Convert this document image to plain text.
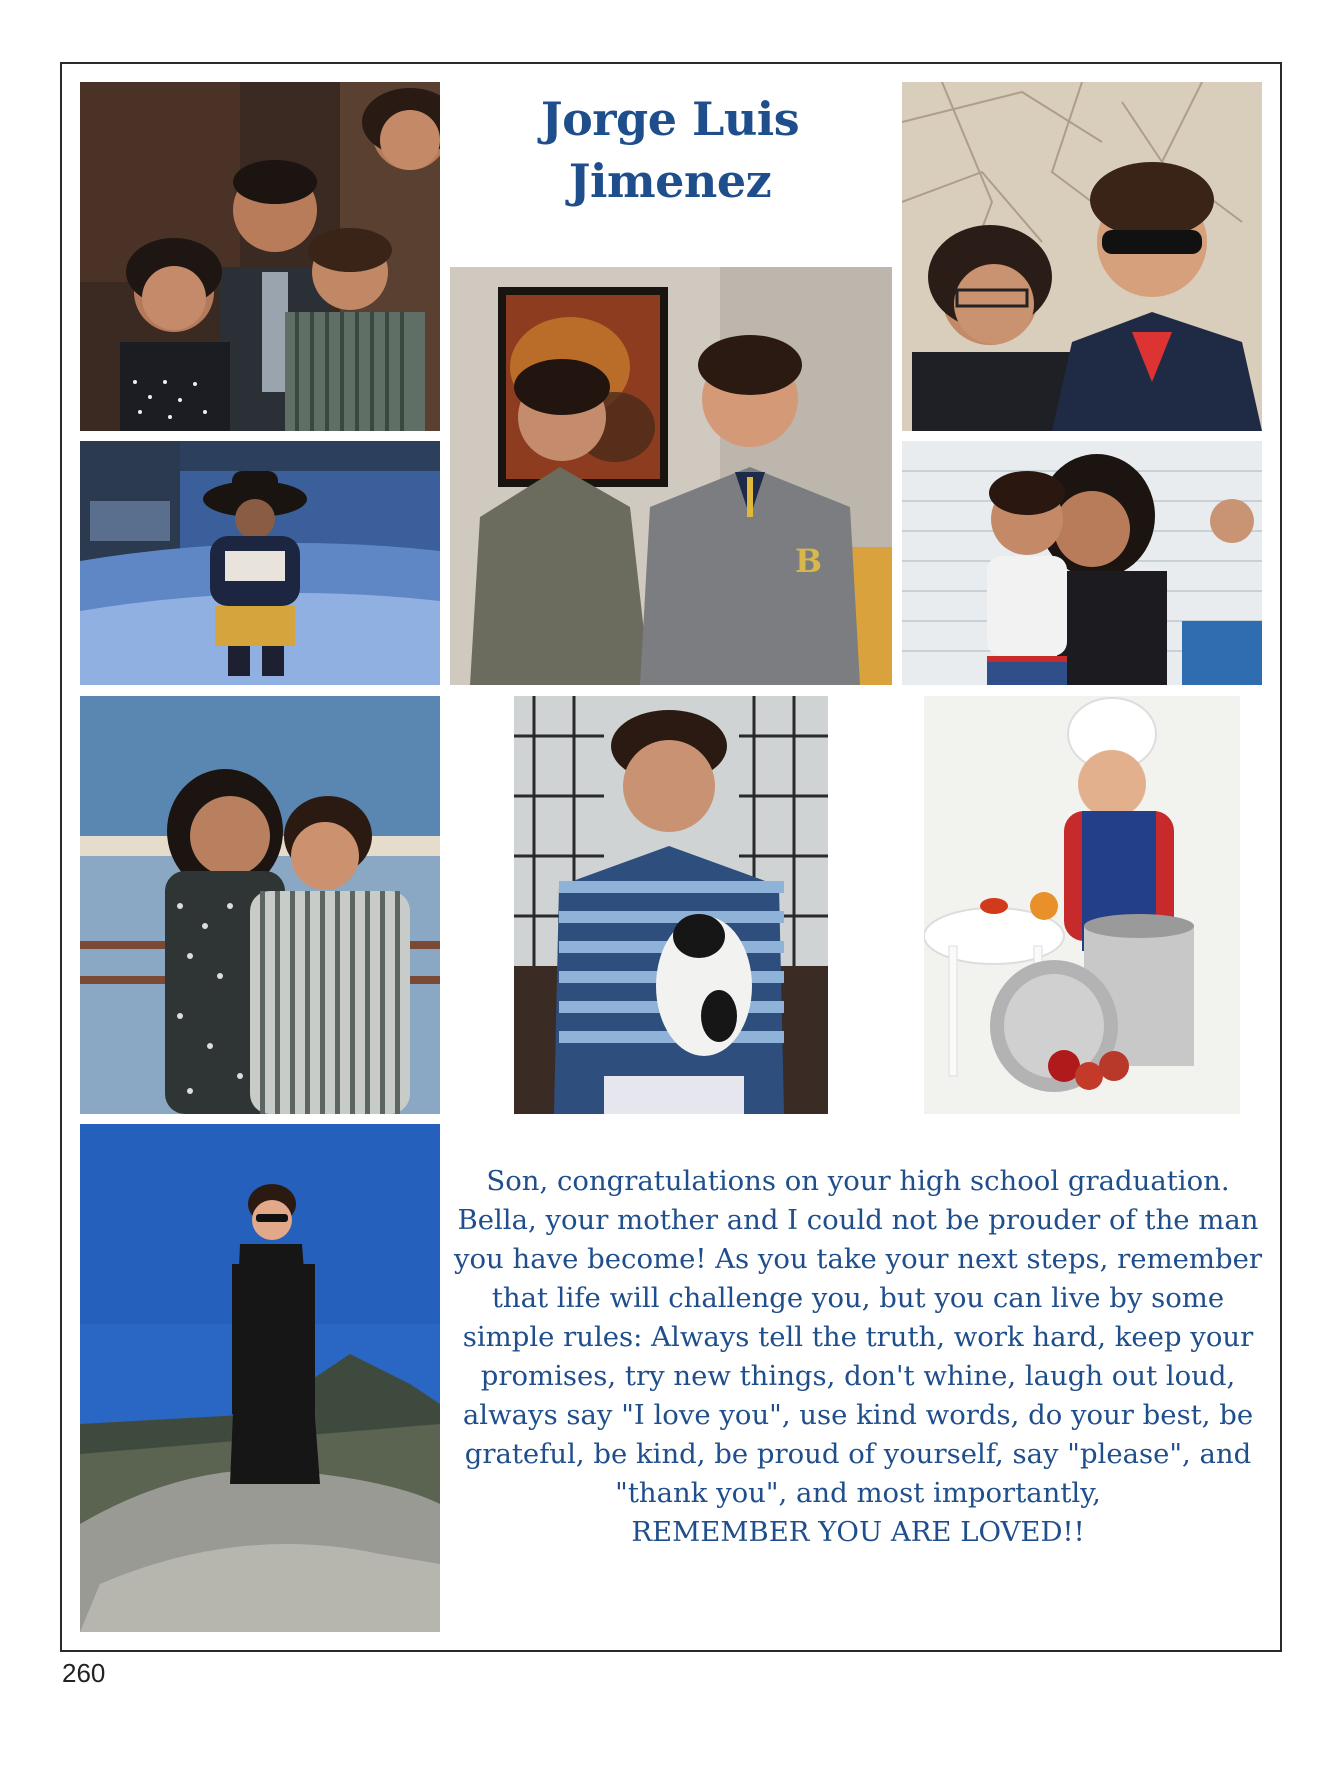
Jorge Luis
Jimenez
B
Son, congratulations on your high school graduation. Bella, your mother and I could not be prouder of the man you have become! As you take your next steps, remember that life will challenge you, but you can live by some simple rules: Always tell the truth, work hard, keep your promises, try new things, don't whine, laugh out loud, always say "I love you", use kind words, do your best, be grateful, be kind, be proud of yourself, say "please", and "thank you", and most importantly,
REMEMBER YOU ARE LOVED!!
260
